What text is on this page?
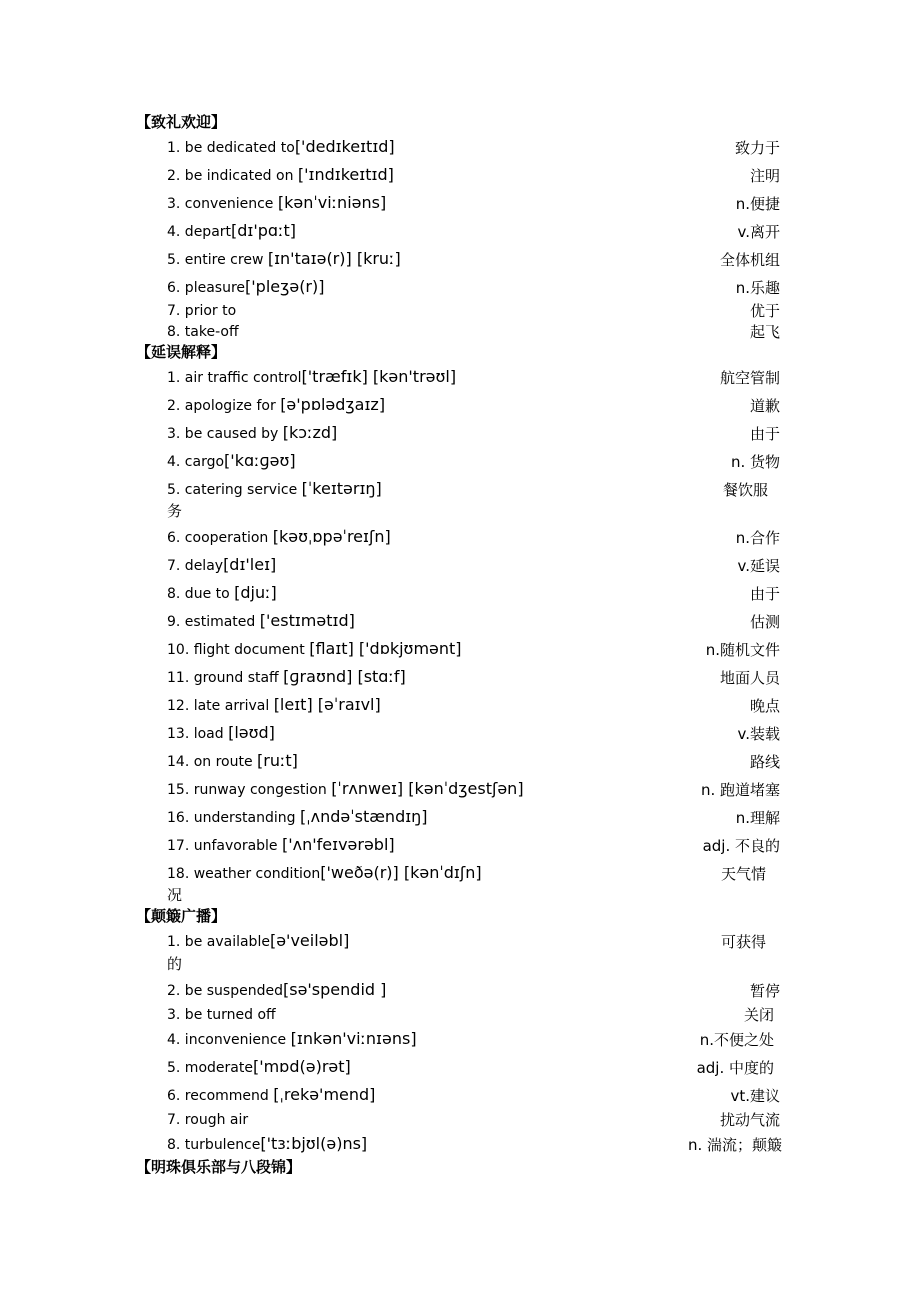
【致礼欢迎】
1. be dedicated to['dedɪkeɪtɪd]	致力于
2. be indicated on ['ɪndɪkeɪtɪd]	注明
3. convenience [kənˈviːniəns]	n.便捷
4. depart[dɪ'pɑːt]	v.离开
5. entire crew [ɪn'taɪə(r)] [kruː]	全体机组
6. pleasure['pleʒə(r)]	n.乐趣
7. prior to	优于
8. take-off	起飞
【延误解释】
1. air traffic control['træfɪk] [kən'trəʊl]	航空管制
2. apologize for [ə'pɒlədʒaɪz]	道歉
3. be caused by [kɔːzd]	由于
4. cargo['kɑːɡəʊ]	n. 货物
5. catering service [ˈkeɪtərɪŋ]	餐饮服
务
6. cooperation [kəʊˌɒpəˈreɪʃn]	n.合作
7. delay[dɪ'leɪ]	v.延误
8. due to [djuː]	由于
9. estimated ['estɪmətɪd]	估测
10. flight document [flaɪt] ['dɒkjʊmənt]	n.随机文件
11. ground staff [ɡraʊnd] [stɑːf]	地面人员
12. late arrival [leɪt] [əˈraɪvl]	晚点
13. load [ləʊd]	v.装载
14. on route [ruːt]	路线
15. runway congestion [ˈrʌnweɪ] [kənˈdʒestʃən]	n. 跑道堵塞
16. understanding [ˌʌndəˈstændɪŋ]	n.理解
17. unfavorable ['ʌn'feɪvərəbl]	adj. 不良的
18. weather condition['weðə(r)] [kənˈdɪʃn]	天气情
况
【颠簸广播】
1. be available[ə'veiləbl]	可获得
的
2. be suspended[sə'spendid ]	暂停
3. be turned off	关闭
4. inconvenience [ɪnkən'viːnɪəns]	n.不便之处
5. moderate['mɒd(ə)rət]	adj. 中度的
6. recommend [ˌrekə'mend]	vt.建议
7. rough air	扰动气流
8. turbulence['tɜːbjʊl(ə)ns]	n. 湍流；颠簸
【明珠俱乐部与八段锦】
